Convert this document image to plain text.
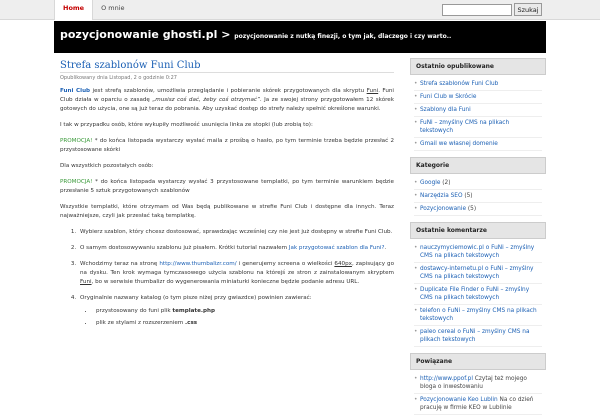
Home	O mnie	Szukaj
pozycjonowanie ghosti.pl > pozycjonowanie z nutką finezji, o tym jak, dlaczego i czy warto..
Strefa szablonów Funi Club
Opublikowany dnia Listopad, 2 o godzinie 0:27

Funi Club jest strefą szablonów, umożliwia przeglądanie i pobieranie skórek przygotowanych dla skryptu Funi. Funi Club działa w oparciu o zasadę „musisz coś dać, żeby coś otrzymać”. Ja ze swojej strony przygotowałem 12 skórek gotowych do użycia, one są już teraz do pobrania. Aby uzyskać dostęp do strefy należy spełnić określone warunki.

I tak w przypadku osób, które wykupiły możliwość usunięcia linka ze stopki (lub zrobią to):

PROMOCJA! * do końca listopada wystarczy wysłać maila z prośbą o hasło, po tym terminie trzeba będzie przesłać 2 przystosowane skórki

Dla wszystkich pozostałych osób:

PROMOCJA! * do końca listopada wystarczy wysłać 3 przystosowane templatki, po tym terminie warunkiem będzie przesłanie 5 sztuk przygotowanych szablonów

Wszystkie templatki, które otrzymam od Was będą publikowane w strefie Funi Club i dostępne dla innych. Teraz najważniejsze, czyli jak przesłać taką templatkę.

1. Wybierz szablon, który chcesz dostosować, sprawdzając wcześniej czy nie jest już dostępny w strefie Funi Club.
2. O samym dostosowywaniu szablonu już pisałem. Krótki tutorial nazwałem Jak przygotować szablon dla Funi?.
3. Wchodzimy teraz na stronę http://www.thumbalizr.com/ i generujemy screena o wielkości 640px, zapisujący go na dysku. Ten krok wymaga tymczasowego użycia szablonu na którejś ze stron z zainstalowanym skryptem Funi, bo w serwisie thumbalizr do wygenerowania miniaturki konieczne będzie podanie adresu URL.
4. Oryginalnie nazwany katalog (o tym pisze niżej przy gwiazdce) powinien zawierać:
• przystosowany do funi plik template.php
• plik ze stylami z rozszerzeniem .css
Ostatnio opublikowane
• Strefa szablonów Funi Club
• Funi Club w Skrócie
• Szablony dla Funi
• FuNi – zmyślny CMS na plikach tekstowych
• Gmail we własnej domenie
Kategorie
• Google (2)
• Narzędzia SEO (5)
• Pozycjonowanie (5)
Ostatnie komentarze
• nauczymyciemowic.pl o FuNi – zmyślny CMS na plikach tekstowych
• dostawcy-internetu.pl o FuNi – zmyślny CMS na plikach tekstowych
• Duplicate File Finder o FuNi – zmyślny CMS na plikach tekstowych
• telefon o FuNi – zmyślny CMS na plikach tekstowych
• paleo cereal o FuNi – zmyślny CMS na plikach tekstowych
Powiązane
• http://www.ppof.pl Czytaj też mojego bloga o inwestowaniu
• Pozycjonowanie Keo Lublin Na co dzień pracuję w firmie KEO w Lublinie
